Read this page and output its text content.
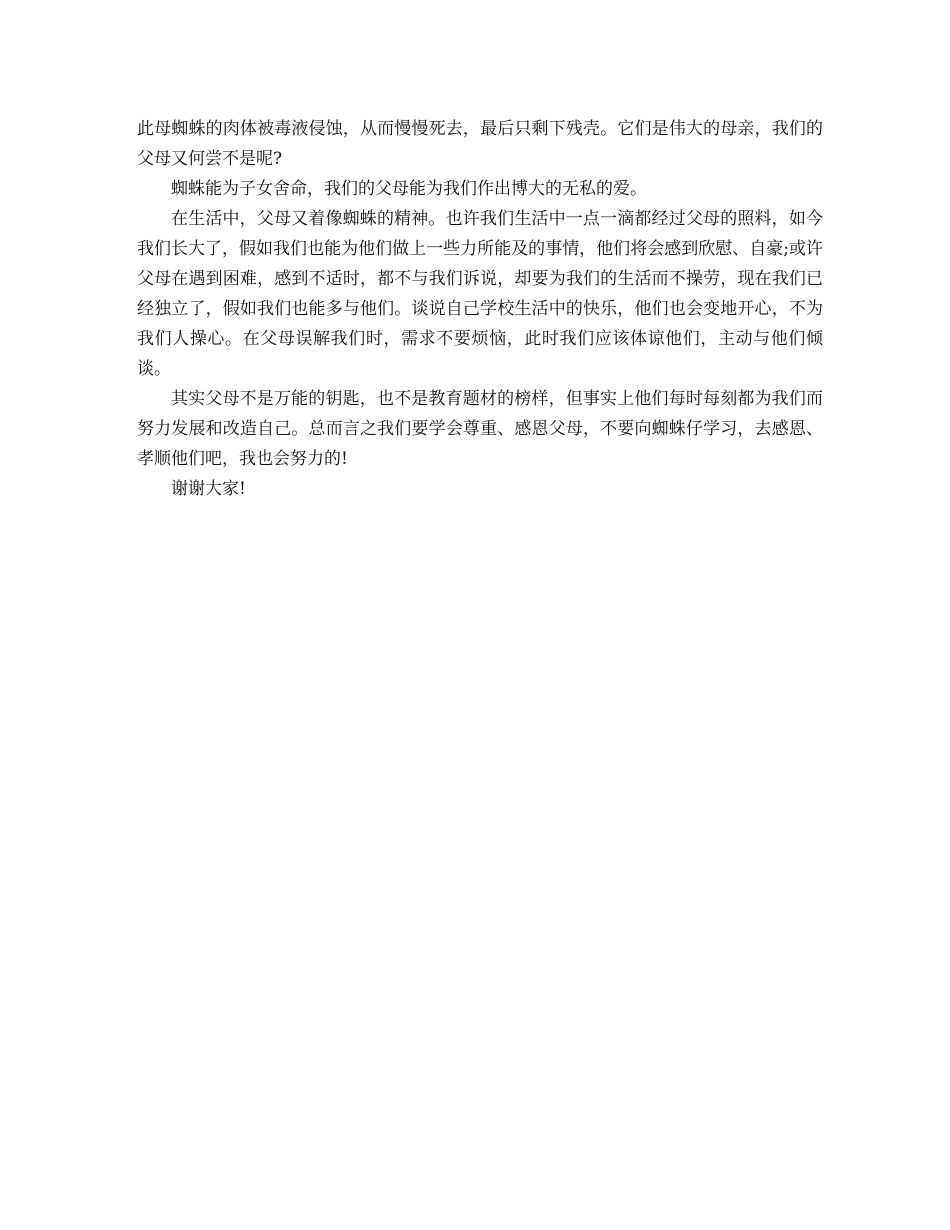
此母蜘蛛的肉体被毒液侵蚀，从而慢慢死去，最后只剩下残壳。它们是伟大的母亲，我们的父母又何尝不是呢?

蜘蛛能为子女舍命，我们的父母能为我们作出博大的无私的爱。

在生活中，父母又着像蜘蛛的精神。也许我们生活中一点一滴都经过父母的照料，如今我们长大了，假如我们也能为他们做上一些力所能及的事情，他们将会感到欣慰、自豪;或许父母在遇到困难，感到不适时，都不与我们诉说，却要为我们的生活而不操劳，现在我们已经独立了，假如我们也能多与他们。谈说自己学校生活中的快乐，他们也会变地开心，不为我们人操心。在父母误解我们时，需求不要烦恼，此时我们应该体谅他们，主动与他们倾谈。

其实父母不是万能的钥匙，也不是教育题材的榜样，但事实上他们每时每刻都为我们而努力发展和改造自己。总而言之我们要学会尊重、感恩父母，不要向蜘蛛仔学习，去感恩、孝顺他们吧，我也会努力的!

谢谢大家!
